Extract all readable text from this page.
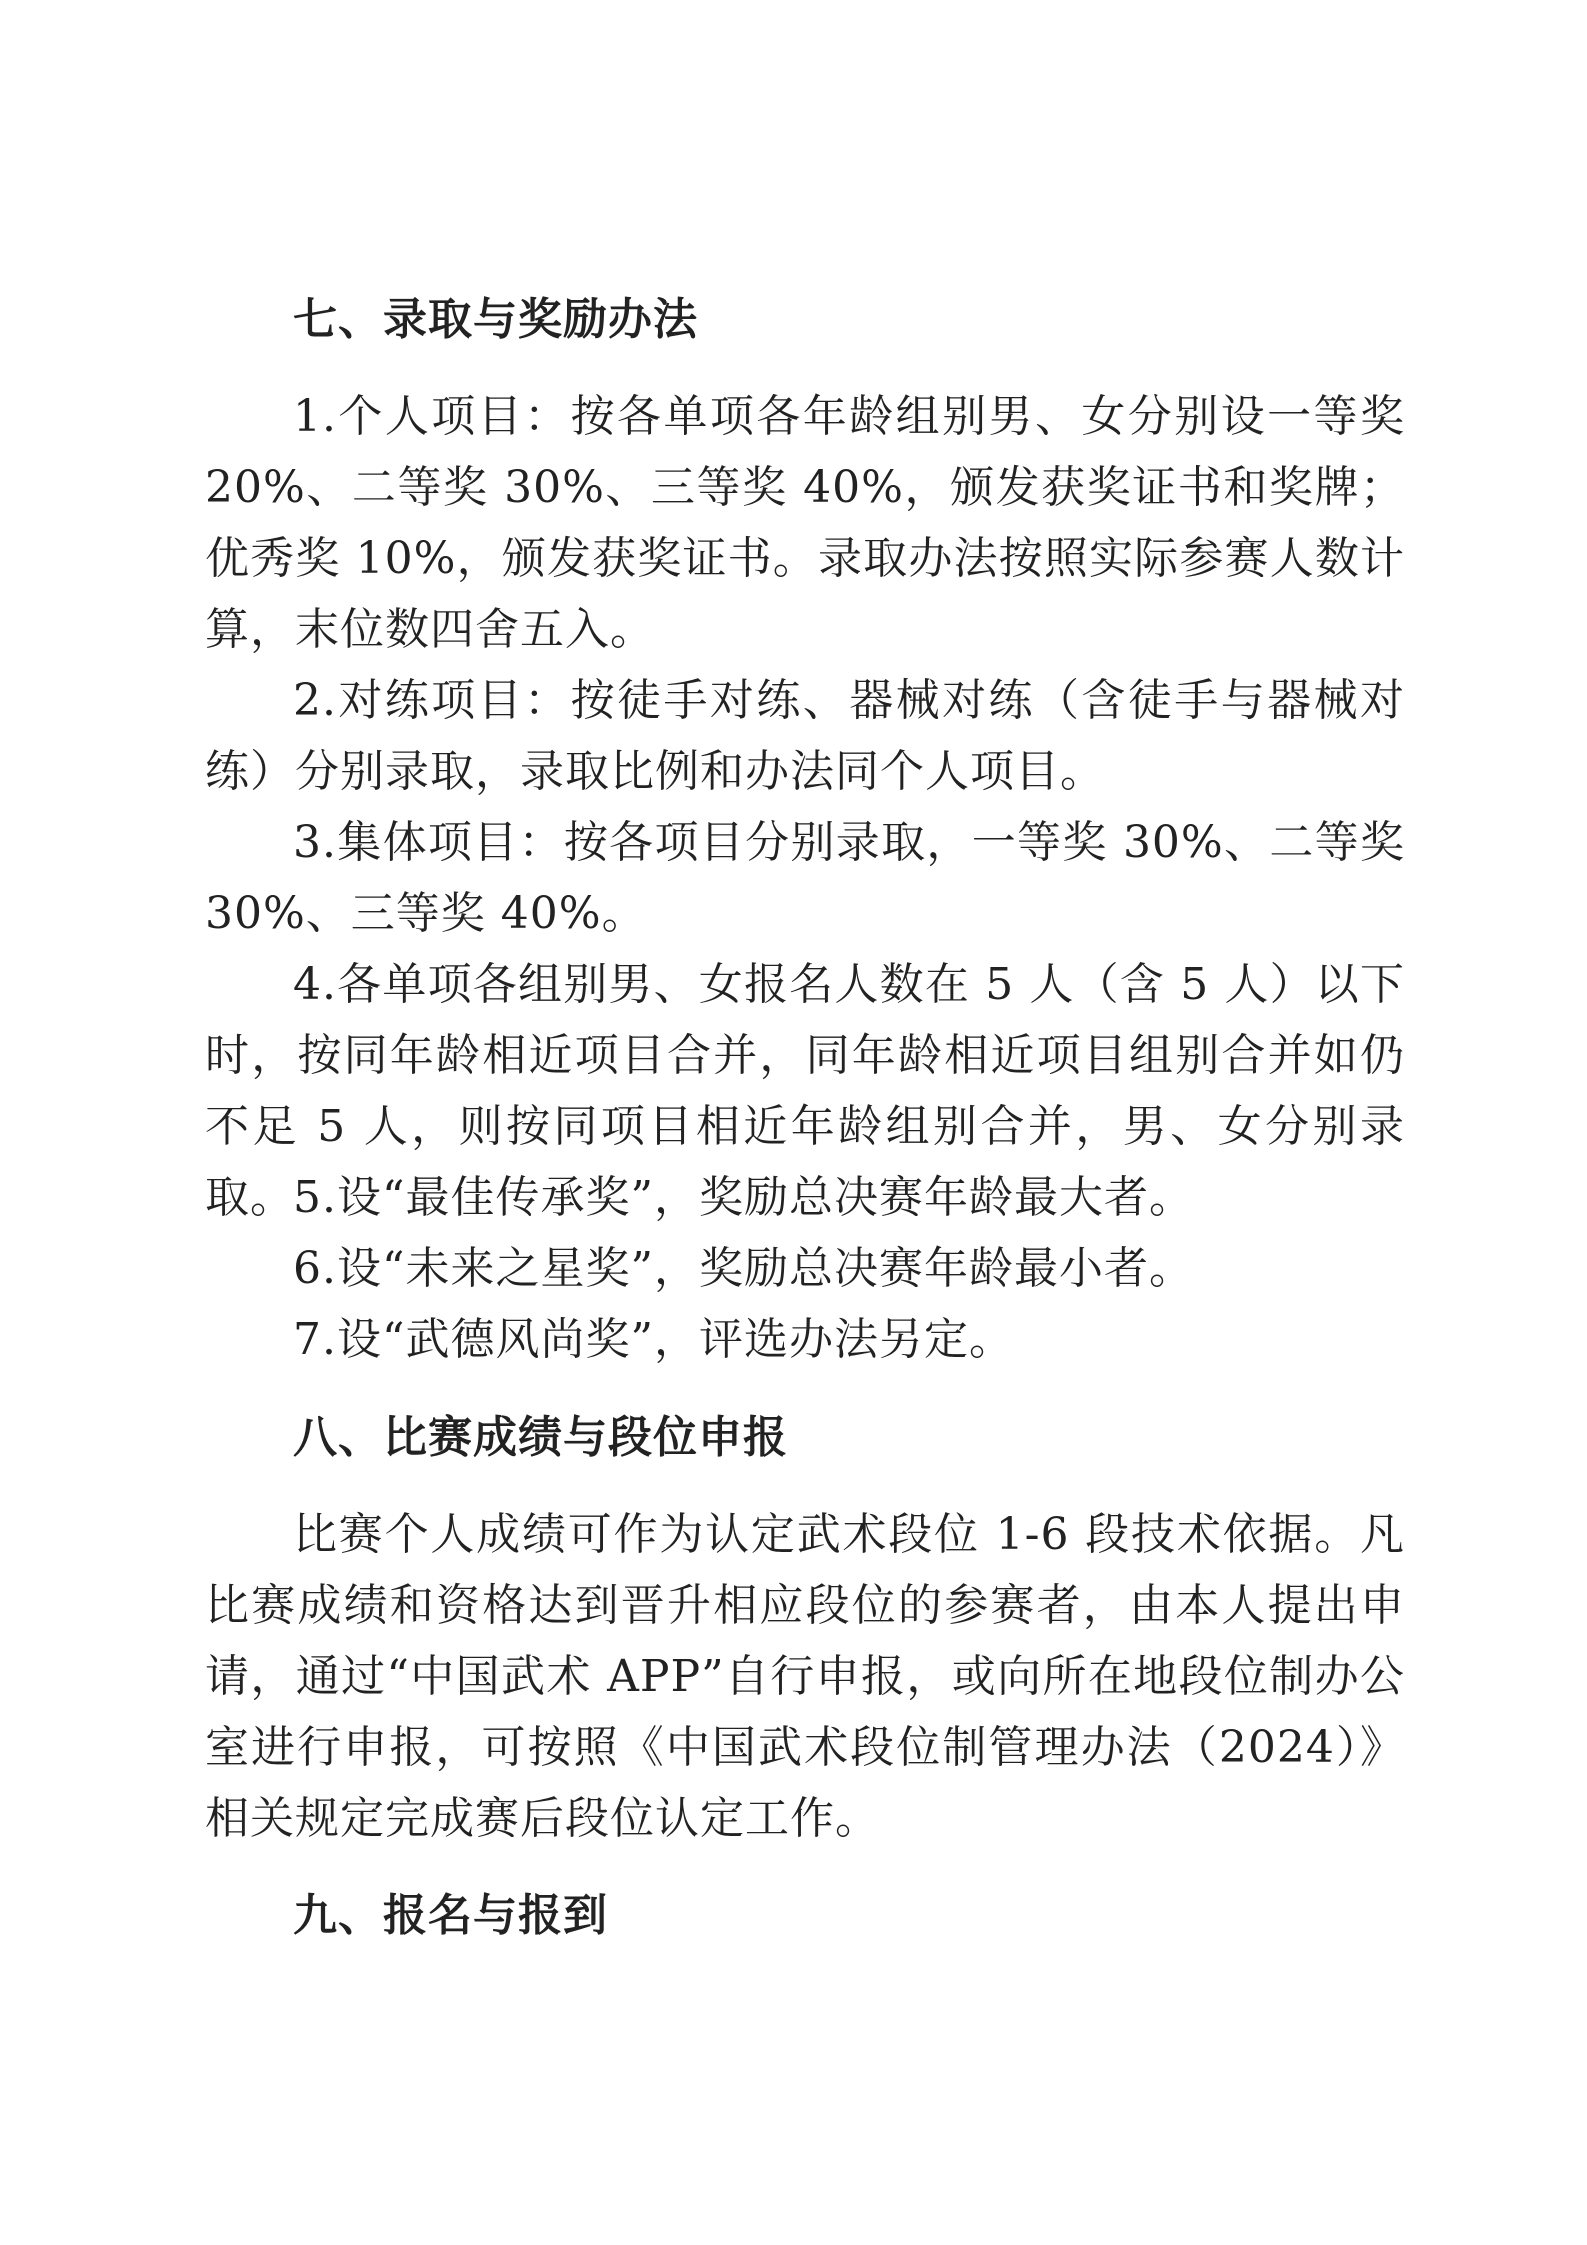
七、录取与奖励办法

1.个人项目：按各单项各年龄组别男、女分别设一等奖 20%、二等奖 30%、三等奖 40%，颁发获奖证书和奖牌；优秀奖 10%，颁发获奖证书。录取办法按照实际参赛人数计算，末位数四舍五入。

2.对练项目：按徒手对练、器械对练（含徒手与器械对练）分别录取，录取比例和办法同个人项目。

3.集体项目：按各项目分别录取，一等奖 30%、二等奖 30%、三等奖 40%。

4.各单项各组别男、女报名人数在 5 人（含 5 人）以下时，按同年龄相近项目合并，同年龄相近项目组别合并如仍不足 5 人，则按同项目相近年龄组别合并，男、女分别录取。

5.设“最佳传承奖”，奖励总决赛年龄最大者。

6.设“未来之星奖”，奖励总决赛年龄最小者。

7.设“武德风尚奖”，评选办法另定。

八、比赛成绩与段位申报

比赛个人成绩可作为认定武术段位 1-6 段技术依据。凡比赛成绩和资格达到晋升相应段位的参赛者，由本人提出申请，通过“中国武术 APP”自行申报，或向所在地段位制办公室进行申报，可按照《中国武术段位制管理办法（2024）》相关规定完成赛后段位认定工作。

九、报名与报到
